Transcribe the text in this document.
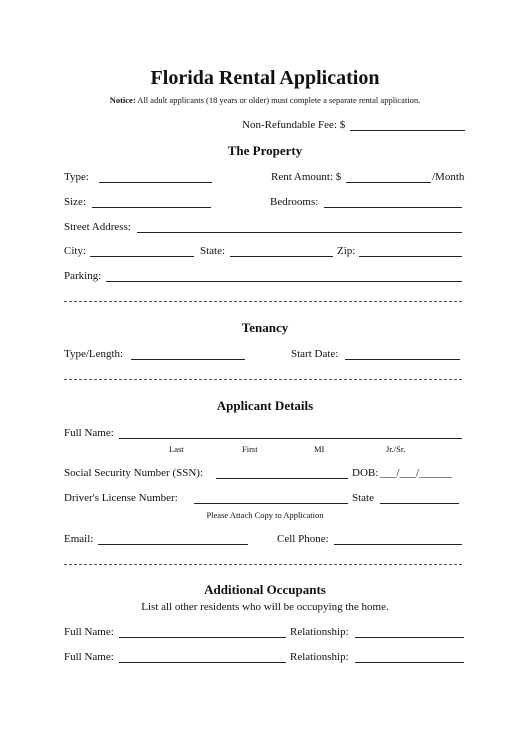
Florida Rental Application
Notice: All adult applicants (18 years or older) must complete a separate rental application.
Non-Refundable Fee: $
The Property
Type:	Rent Amount: $	/Month
Size:	Bedrooms:
Street Address:
City:	State:	Zip:
Parking:
Tenancy
Type/Length:	Start Date:
Applicant Details
Full Name:
Last	First	MI	Jr./Sr.
Social Security Number (SSN):	DOB: ___/___/______
Driver's License Number:	State
Please Attach Copy to Application
Email:	Cell Phone:
Additional Occupants
List all other residents who will be occupying the home.
Full Name:	Relationship:
Full Name:	Relationship:
